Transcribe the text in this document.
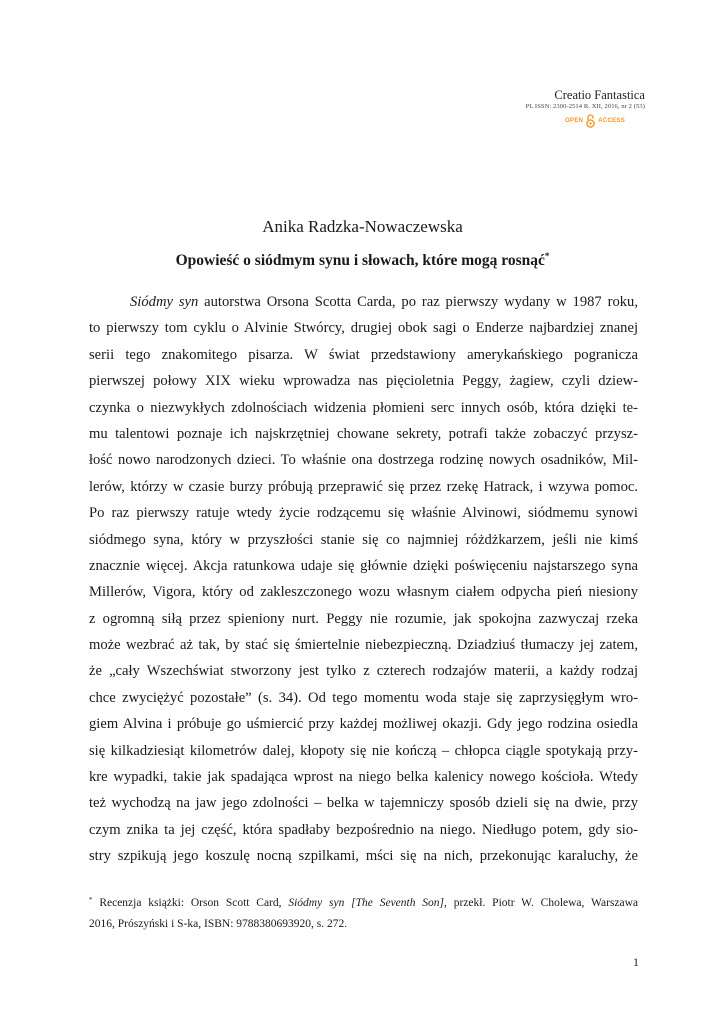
Creatio Fantastica
PL ISSN: 2300-2514 R. XII, 2016, nr 2 (53)
OPEN	ACCESS
Anika Radzka-Nowaczewska
Opowieść o siódmym synu i słowach, które mogą rosnąć*
Siódmy syn autorstwa Orsona Scotta Carda, po raz pierwszy wydany w 1987 roku,
to pierwszy tom cyklu o Alvinie Stwórcy, drugiej obok sagi o Enderze najbardziej znanej
serii tego znakomitego pisarza. W świat przedstawiony amerykańskiego pogranicza
pierwszej połowy XIX wieku wprowadza nas pięcioletnia Peggy, żagiew, czyli dziew-
czynka o niezwykłych zdolnościach widzenia płomieni serc innych osób, która dzięki te-
mu talentowi poznaje ich najskrzętniej chowane sekrety, potrafi także zobaczyć przysz-
łość nowo narodzonych dzieci. To właśnie ona dostrzega rodzinę nowych osadników, Mil-
lerów, którzy w czasie burzy próbują przeprawić się przez rzekę Hatrack, i wzywa pomoc.
Po raz pierwszy ratuje wtedy życie rodzącemu się właśnie Alvinowi, siódmemu synowi
siódmego syna, który w przyszłości stanie się co najmniej różdżkarzem, jeśli nie kimś
znacznie więcej. Akcja ratunkowa udaje się głównie dzięki poświęceniu najstarszego syna
Millerów, Vigora, który od zakleszczonego wozu własnym ciałem odpycha pień niesiony
z ogromną siłą przez spieniony nurt. Peggy nie rozumie, jak spokojna zazwyczaj rzeka
może wezbrać aż tak, by stać się śmiertelnie niebezpieczną. Dziadziuś tłumaczy jej zatem,
że „cały Wszechświat stworzony jest tylko z czterech rodzajów materii, a każdy rodzaj
chce zwyciężyć pozostałe” (s. 34). Od tego momentu woda staje się zaprzysięgłym wro-
giem Alvina i próbuje go uśmiercić przy każdej możliwej okazji. Gdy jego rodzina osiedla
się kilkadziesiąt kilometrów dalej, kłopoty się nie kończą – chłopca ciągle spotykają przy-
kre wypadki, takie jak spadająca wprost na niego belka kalenicy nowego kościoła. Wtedy
też wychodzą na jaw jego zdolności – belka w tajemniczy sposób dzieli się na dwie, przy
czym znika ta jej część, która spadłaby bezpośrednio na niego. Niedługo potem, gdy sio-
stry szpikują jego koszulę nocną szpilkami, mści się na nich, przekonując karaluchy, że
* Recenzja książki: Orson Scott Card, Siódmy syn [The Seventh Son], przekł. Piotr W. Cholewa, Warszawa
2016, Prószyński i S-ka, ISBN: 9788380693920, s. 272.
1
